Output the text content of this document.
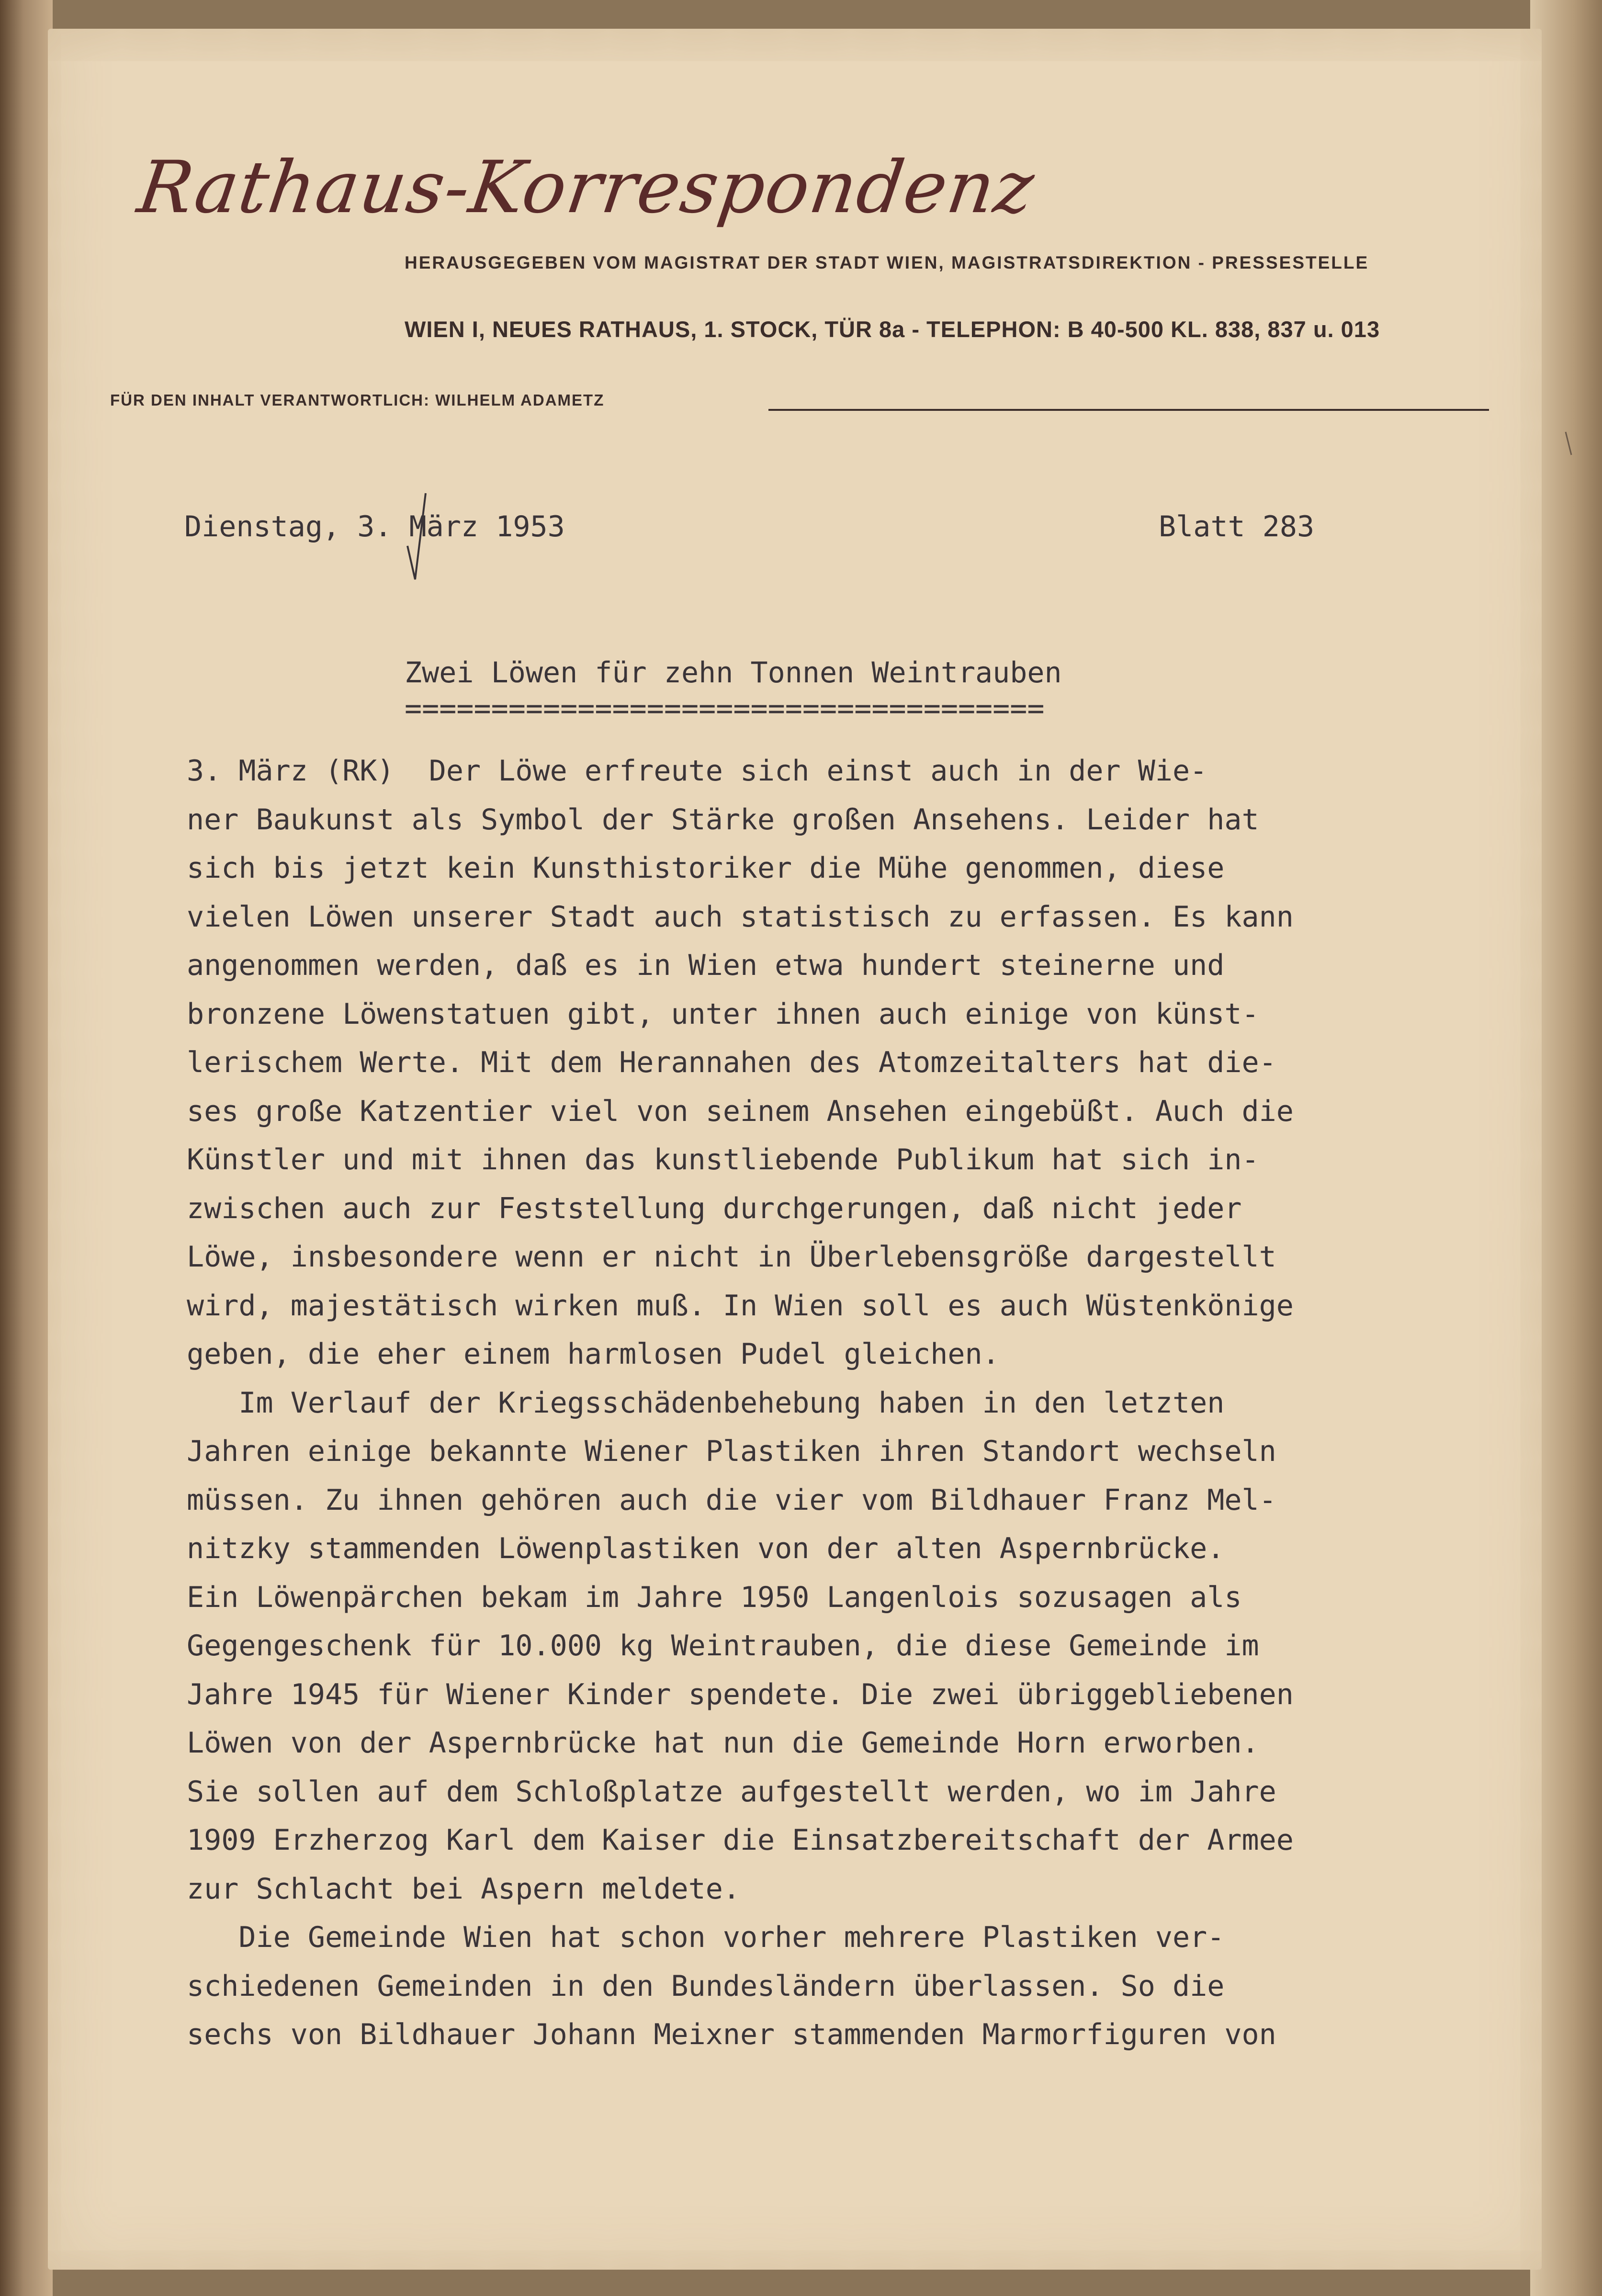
Rathaus-Korrespondenz
HERAUSGEGEBEN VOM MAGISTRAT DER STADT WIEN, MAGISTRATSDIREKTION - PRESSESTELLE
WIEN I, NEUES RATHAUS, 1. STOCK, TÜR 8a - TELEPHON: B 40-500 KL. 838, 837 u. 013
FÜR DEN INHALT VERANTWORTLICH: WILHELM ADAMETZ
Dienstag, 3. März 1953	Blatt 283
Zwei Löwen für zehn Tonnen Weintrauben
=====================================

3. März (RK)  Der Löwe erfreute sich einst auch in der Wie-

ner Baukunst als Symbol der Stärke großen Ansehens. Leider hat

sich bis jetzt kein Kunsthistoriker die Mühe genommen, diese

vielen Löwen unserer Stadt auch statistisch zu erfassen. Es kann

angenommen werden, daß es in Wien etwa hundert steinerne und

bronzene Löwenstatuen gibt, unter ihnen auch einige von künst-

lerischem Werte. Mit dem Herannahen des Atomzeitalters hat die-

ses große Katzentier viel von seinem Ansehen eingebüßt. Auch die

Künstler und mit ihnen das kunstliebende Publikum hat sich in-

zwischen auch zur Feststellung durchgerungen, daß nicht jeder

Löwe, insbesondere wenn er nicht in Überlebensgröße dargestellt

wird, majestätisch wirken muß. In Wien soll es auch Wüstenkönige

geben, die eher einem harmlosen Pudel gleichen.

Im Verlauf der Kriegsschädenbehebung haben in den letzten

Jahren einige bekannte Wiener Plastiken ihren Standort wechseln

müssen. Zu ihnen gehören auch die vier vom Bildhauer Franz Mel-

nitzky stammenden Löwenplastiken von der alten Aspernbrücke.

Ein Löwenpärchen bekam im Jahre 1950 Langenlois sozusagen als

Gegengeschenk für 10.000 kg Weintrauben, die diese Gemeinde im

Jahre 1945 für Wiener Kinder spendete. Die zwei übriggebliebenen

Löwen von der Aspernbrücke hat nun die Gemeinde Horn erworben.

Sie sollen auf dem Schloßplatze aufgestellt werden, wo im Jahre

1909 Erzherzog Karl dem Kaiser die Einsatzbereitschaft der Armee

zur Schlacht bei Aspern meldete.

Die Gemeinde Wien hat schon vorher mehrere Plastiken ver-

schiedenen Gemeinden in den Bundesländern überlassen. So die

sechs von Bildhauer Johann Meixner stammenden Marmorfiguren von
